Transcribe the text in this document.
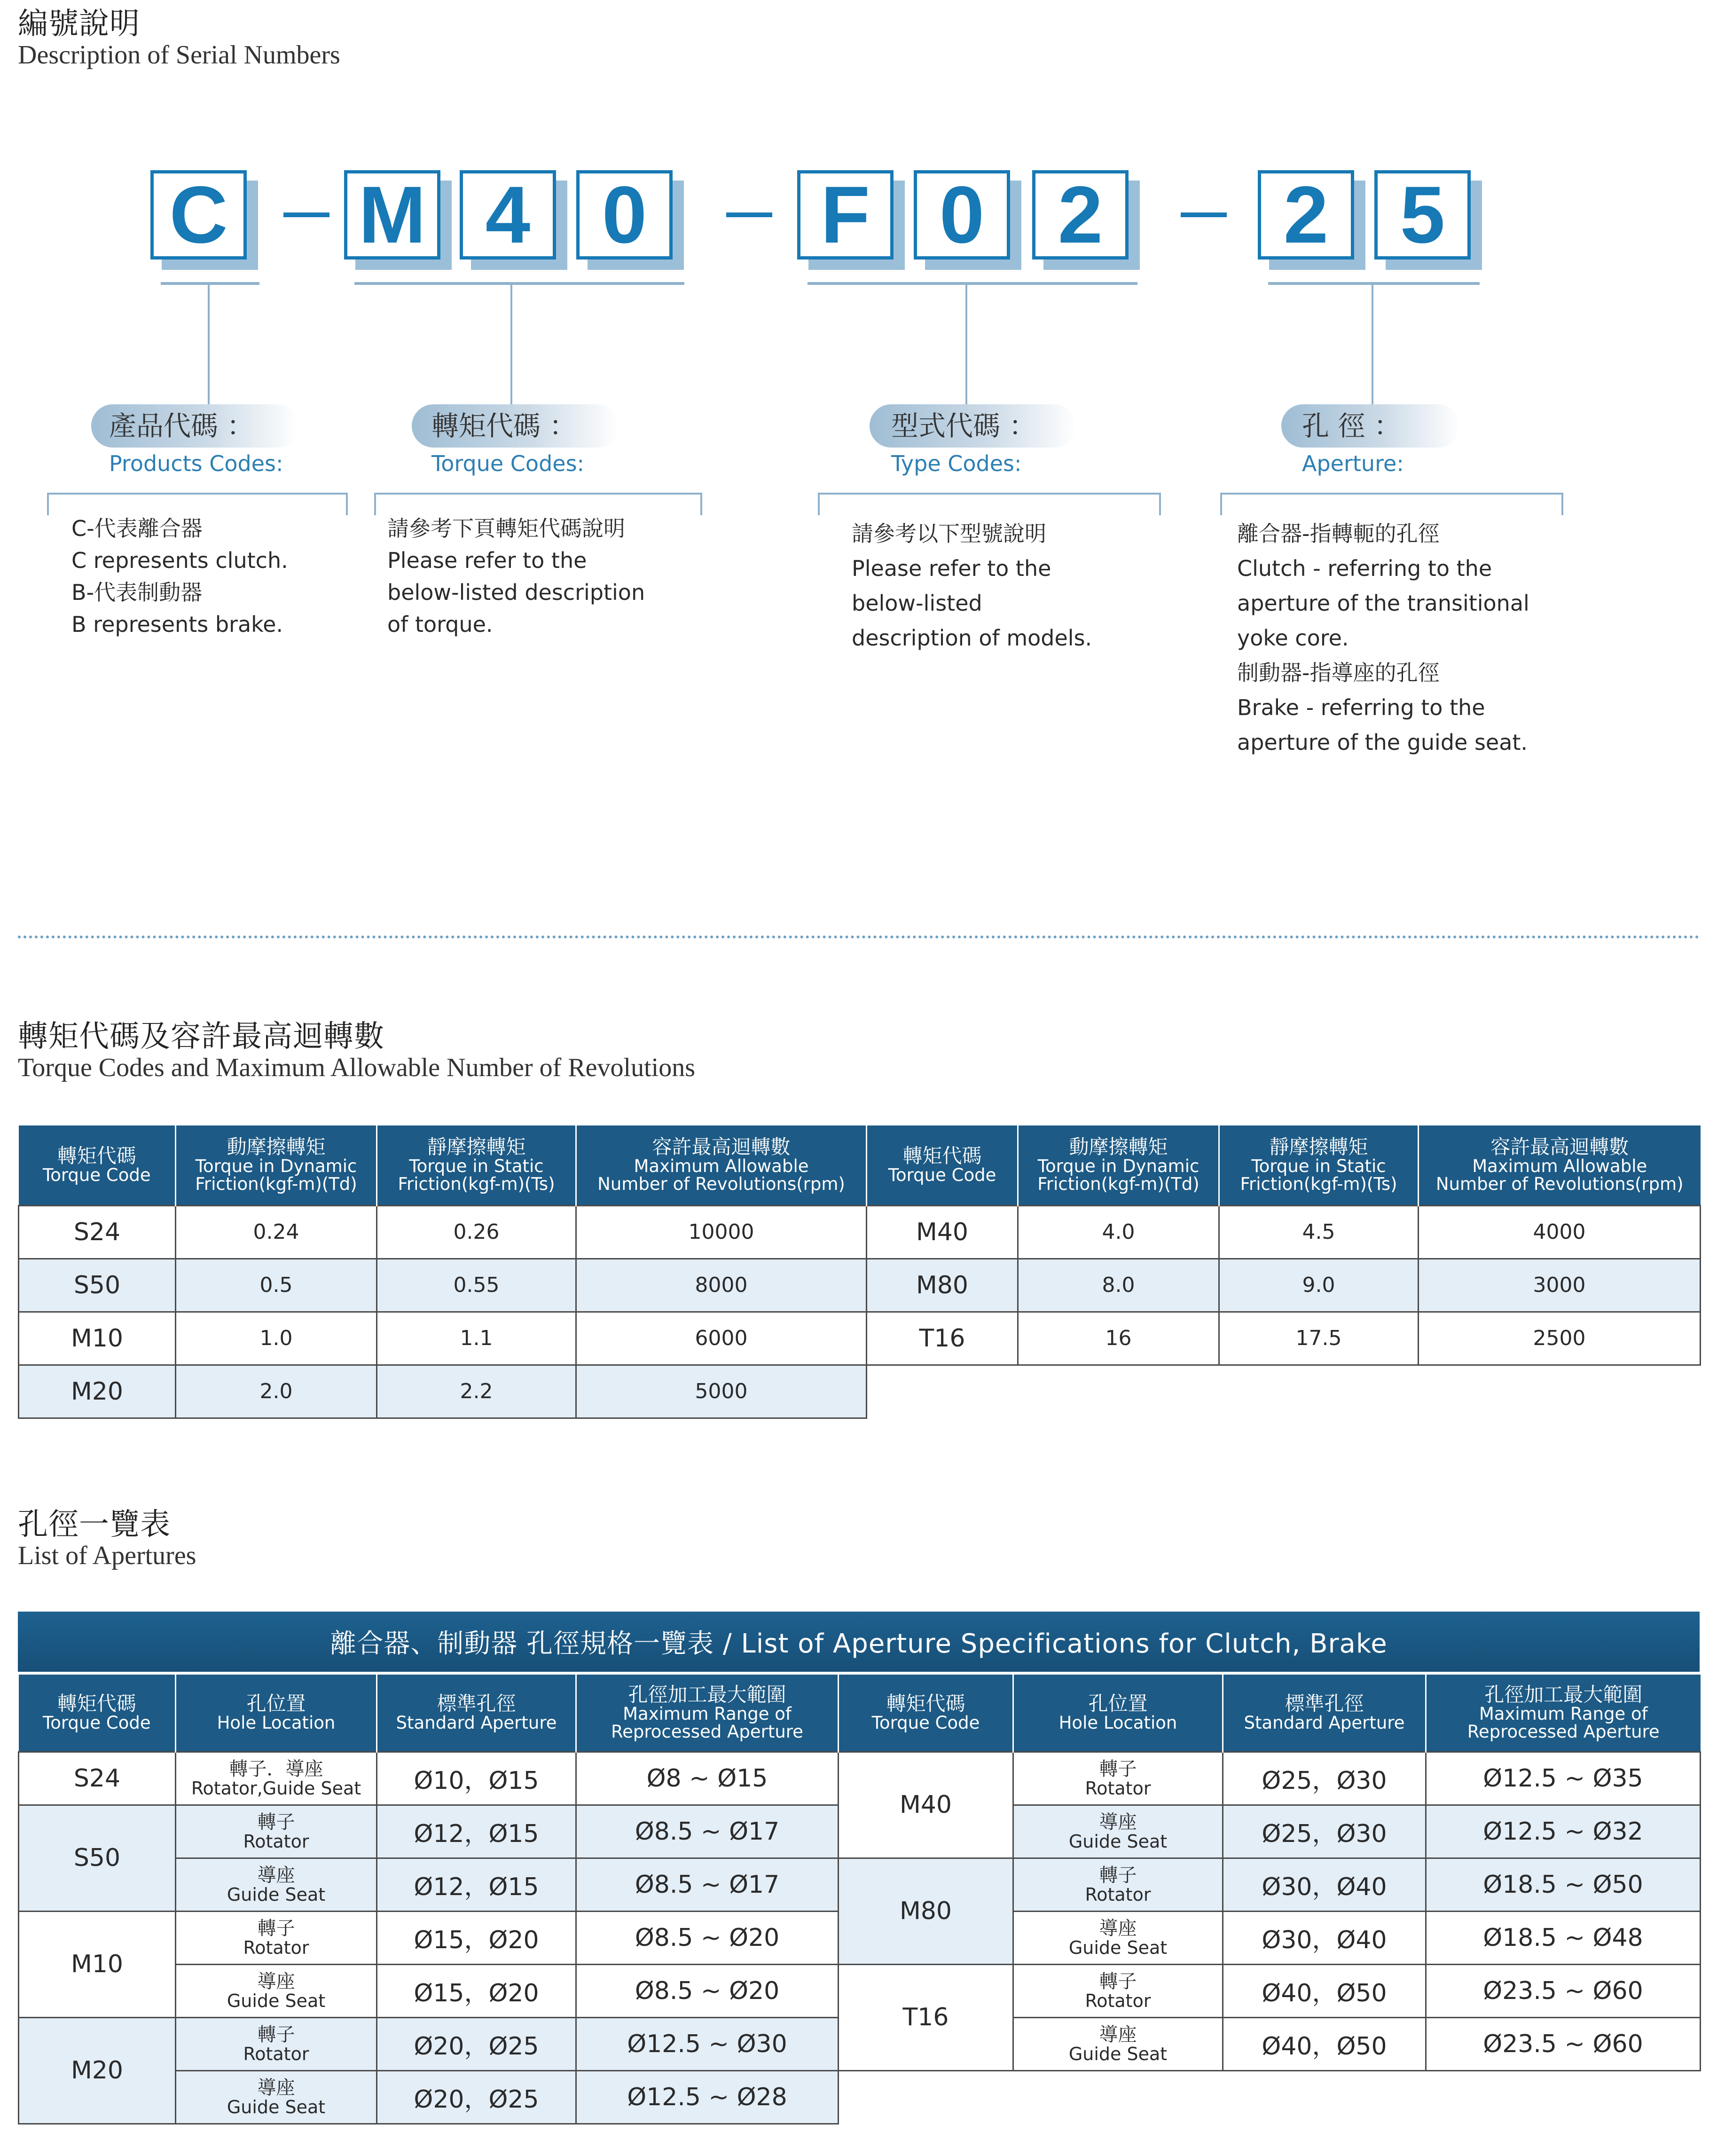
編號說明
Description of Serial Numbers
C M 4 0	F 0 2	2 5
產品代碼 ：
Products Codes:
C-代表離合器
C represents clutch.
B-代表制動器
B represents brake.
轉矩代碼 ：
Torque Codes:
請參考下頁轉矩代碼說明
Please refer to the
below-listed description
of torque.
型式代碼 ：
Type Codes:
請參考以下型號說明
Please refer to the
below-listed
description of models.
孔 徑 ：
Aperture:
離合器-指轉軛的孔徑
Clutch - referring to the
aperture of the transitional
yoke core.
制動器-指導座的孔徑
Brake - referring to the
aperture of the guide seat.
轉矩代碼及容許最高迴轉數
Torque Codes and Maximum Allowable Number of Revolutions
轉矩代碼
Torque Code	動摩擦轉矩
Torque in Dynamic
Friction(kgf-m)(Td)	靜摩擦轉矩
Torque in Static
Friction(kgf-m)(Ts)	容許最高迴轉數
Maximum Allowable
Number of Revolutions(rpm)	轉矩代碼
Torque Code	動摩擦轉矩
Torque in Dynamic
Friction(kgf-m)(Td)	靜摩擦轉矩
Torque in Static
Friction(kgf-m)(Ts)	容許最高迴轉數
Maximum Allowable
Number of Revolutions(rpm)

S24	0.24	0.26	10000	M40	4.0	4.5	4000
S50	0.5	0.55	8000	M80	8.0	9.0	3000
M10	1.0	1.1	6000	T16	16	17.5	2500
M20	2.0	2.2	5000				
孔徑一覽表
List of Apertures
離合器、制動器 孔徑規格一覽表 / List of Aperture Specifications for Clutch, Brake
轉矩代碼
Torque Code	孔位置
Hole Location	標準孔徑
Standard Aperture	孔徑加工最大範圍
Maximum Range of
Reprocessed Aperture	轉矩代碼
Torque Code	孔位置
Hole Location	標準孔徑
Standard Aperture	孔徑加工最大範圍
Maximum Range of
Reprocessed Aperture

S24	轉子．導座
Rotator,Guide Seat	Ø10，Ø15	Ø8 ~ Ø15	M40	轉子
Rotator	Ø25，Ø30	Ø12.5 ~ Ø35
S50	轉子
Rotator	Ø12，Ø15	Ø8.5 ~ Ø17		導座
Guide Seat	Ø25，Ø30	Ø12.5 ~ Ø32

	導座
Guide Seat	Ø12，Ø15	Ø8.5 ~ Ø17	M80	轉子
Rotator	Ø30，Ø40	Ø18.5 ~ Ø50
M10	轉子
Rotator	Ø15，Ø20	Ø8.5 ~ Ø20		導座
Guide Seat	Ø30，Ø40	Ø18.5 ~ Ø48

	導座
Guide Seat	Ø15，Ø20	Ø8.5 ~ Ø20	T16	轉子
Rotator	Ø40，Ø50	Ø23.5 ~ Ø60
M20	轉子
Rotator	Ø20，Ø25	Ø12.5 ~ Ø30		導座
Guide Seat	Ø40，Ø50	Ø23.5 ~ Ø60

	導座
Guide Seat	Ø20，Ø25	Ø12.5 ~ Ø28				
